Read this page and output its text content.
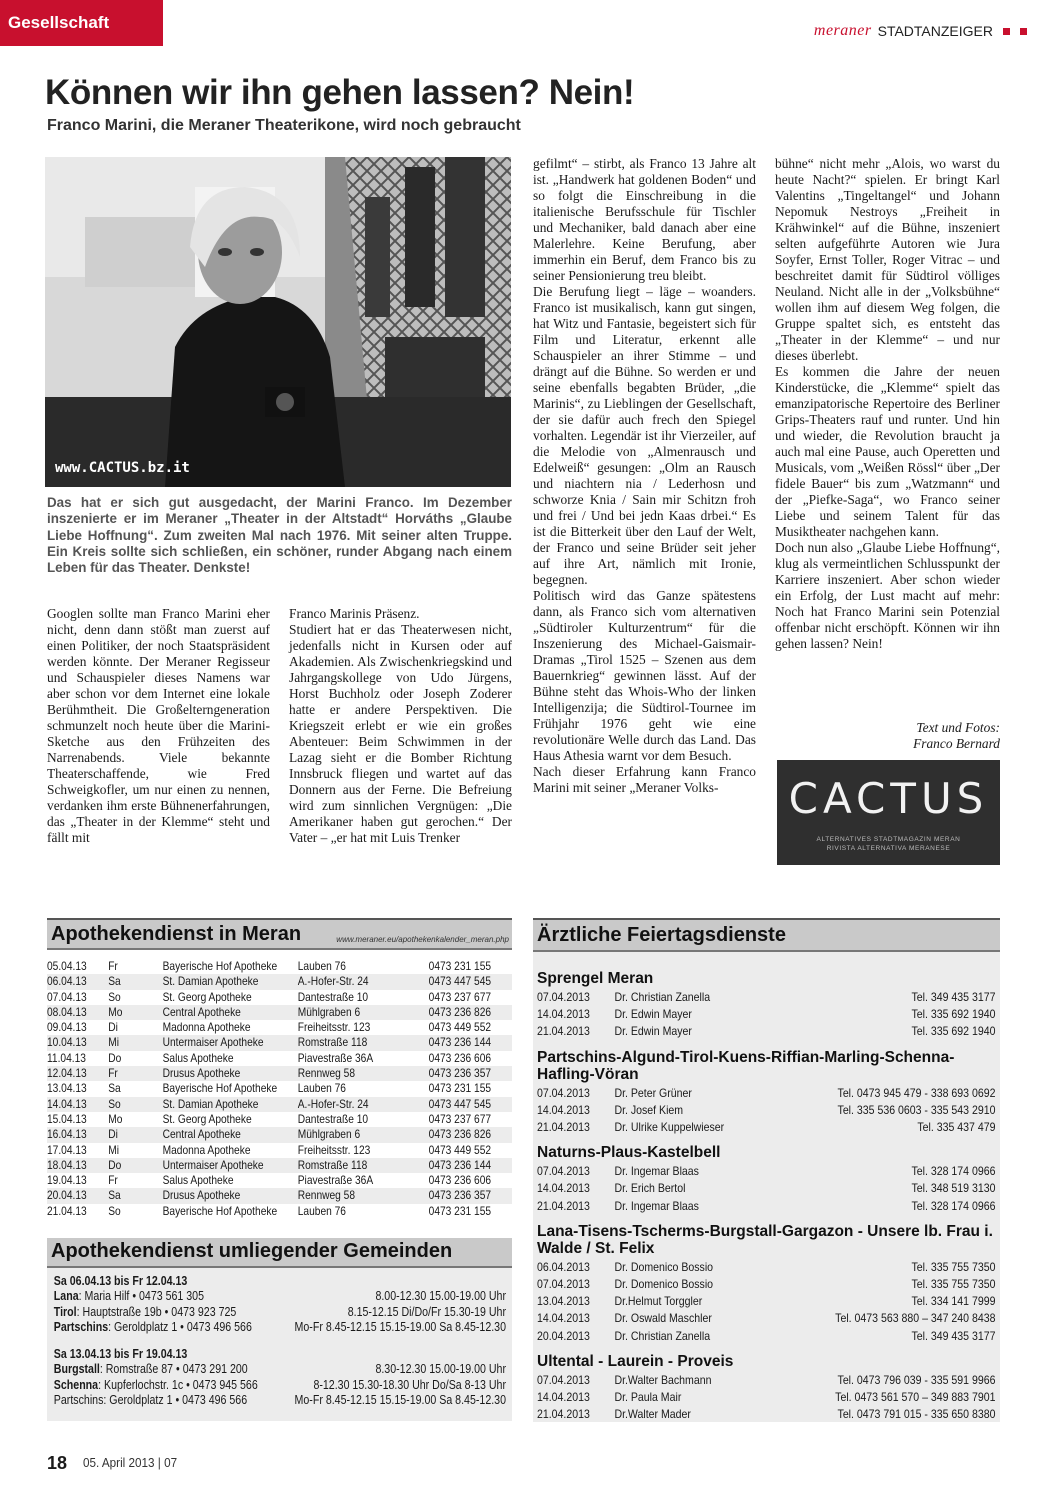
Gesellschaft	meraner STADTANZEIGER
Können wir ihn gehen lassen? Nein!
Franco Marini, die Meraner Theaterikone, wird noch gebraucht
www.CACTUS.bz.it
Das hat er sich gut ausgedacht, der Marini Franco. Im Dezember inszenierte er im Meraner „Theater in der Altstadt“ Horváths „Glaube Liebe Hoffnung“. Zum zweiten Mal nach 1976. Mit seiner alten Truppe. Ein Kreis sollte sich schließen, ein schöner, runder Abgang nach einem Leben für das Theater. Denkste!

Googlen sollte man Franco Marini eher nicht, denn dann stößt man zuerst auf einen Politiker, der noch Staatspräsident werden könnte. Der Meraner Regisseur und Schauspieler dieses Namens war aber schon vor dem Internet eine lokale Berühmtheit. Die Großelterngeneration schmunzelt noch heute über die Marini-Sketche aus den Frühzeiten des Narrenabends. Viele bekannte Theaterschaffende, wie Fred Schweigkofler, um nur einen zu nennen, verdanken ihm erste Bühnenerfahrungen, das „Theater in der Klemme“ steht und fällt mit

Franco Marinis Präsenz.

Studiert hat er das Theaterwesen nicht, jedenfalls nicht in Kursen oder auf Akademien. Als Zwischenkriegskind und Jahrgangskollege von Udo Jürgens, Horst Buchholz oder Joseph Zoderer hatte er andere Perspektiven. Die Kriegszeit erlebt er wie ein großes Abenteuer: Beim Schwimmen in der Lazag sieht er die Bomber Richtung Innsbruck fliegen und wartet auf das Donnern aus der Ferne. Die Befreiung wird zum sinnlichen Vergnügen: „Die Amerikaner haben gut gerochen.“ Der Vater – „er hat mit Luis Trenker

gefilmt“ – stirbt, als Franco 13 Jahre alt ist. „Handwerk hat goldenen Boden“ und so folgt die Einschreibung in die italienische Berufsschule für Tischler und Mechaniker, bald danach aber eine Malerlehre. Keine Berufung, aber immerhin ein Beruf, dem Franco bis zu seiner Pensionierung treu bleibt.

Die Berufung liegt – läge – woanders. Franco ist musikalisch, kann gut singen, hat Witz und Fantasie, begeistert sich für Film und Literatur, erkennt alle Schauspieler an ihrer Stimme – und drängt auf die Bühne. So werden er und seine ebenfalls begabten Brüder, „die Marinis“, zu Lieblingen der Gesellschaft, der sie dafür auch frech den Spiegel vorhalten. Legendär ist ihr Vierzeiler, auf die Melodie von „Almenrausch und Edelweiß“ gesungen: „Olm an Rausch und niachtern nia / Lederhosn und schworze Knia / Sain mir Schitzn froh und frei / Und bei jedn Kaas drbei.“ Es ist die Bitterkeit über den Lauf der Welt, der Franco und seine Brüder seit jeher auf ihre Art, nämlich mit Ironie, begegnen.

Politisch wird das Ganze spätestens dann, als Franco sich vom alternativen „Südtiroler Kulturzentrum“ für die Inszenierung des Michael-Gaismair-Dramas „Tirol 1525 – Szenen aus dem Bauernkrieg“ gewinnen lässt. Auf der Bühne steht das Whois-Who der linken Intelligenzija; die Südtirol-Tournee im Frühjahr 1976 geht wie eine revolutionäre Welle durch das Land. Das Haus Athesia warnt vor dem Besuch.

Nach dieser Erfahrung kann Franco Marini mit seiner „Meraner Volks-

bühne“ nicht mehr „Alois, wo warst du heute Nacht?“ spielen. Er bringt Karl Valentins „Tingeltangel“ und Johann Nepomuk Nestroys „Freiheit in Krähwinkel“ auf die Bühne, inszeniert selten aufgeführte Autoren wie Jura Soyfer, Ernst Toller, Roger Vitrac – und beschreitet damit für Südtirol völliges Neuland. Nicht alle in der „Volksbühne“ wollen ihm auf diesem Weg folgen, die Gruppe spaltet sich, es entsteht das „Theater in der Klemme“ – und nur dieses überlebt.

Es kommen die Jahre der neuen Kinderstücke, die „Klemme“ spielt das emanzipatorische Repertoire des Berliner Grips-Theaters rauf und runter. Und hin und wieder, die Revolution braucht ja auch mal eine Pause, auch Operetten und Musicals, vom „Weißen Rössl“ über „Der fidele Bauer“ bis zum „Watzmann“ und der „Piefke-Saga“, wo Franco seiner Liebe und seinem Talent für das Musiktheater nachgehen kann.

Doch nun also „Glaube Liebe Hoffnung“, klug als vermeintlichen Schlusspunkt der Karriere inszeniert. Aber schon wieder ein Erfolg, der Lust macht auf mehr: Noch hat Franco Marini sein Potenzial offenbar nicht erschöpft. Können wir ihn gehen lassen? Nein!

Text und Fotos:
Franco Bernard
CACTUS
ALTERNATIVES STADTMAGAZIN MERAN
RIVISTA ALTERNATIVA MERANESE
Apothekendienst in Meran	www.meraner.eu/apothekenkalender_meran.php
05.04.13	Fr	Bayerische Hof Apotheke	Lauben 76	0473 231 155
06.04.13	Sa	St. Damian Apotheke	A.-Hofer-Str. 24	0473 447 545
07.04.13	So	St. Georg Apotheke	Dantestraße 10	0473 237 677
08.04.13	Mo	Central Apotheke	Mühlgraben 6	0473 236 826
09.04.13	Di	Madonna Apotheke	Freiheitsstr. 123	0473 449 552
10.04.13	Mi	Untermaiser Apotheke	Romstraße 118	0473 236 144
11.04.13	Do	Salus Apotheke	Piavestraße 36A	0473 236 606
12.04.13	Fr	Drusus Apotheke	Rennweg 58	0473 236 357
13.04.13	Sa	Bayerische Hof Apotheke	Lauben 76	0473 231 155
14.04.13	So	St. Damian Apotheke	A.-Hofer-Str. 24	0473 447 545
15.04.13	Mo	St. Georg Apotheke	Dantestraße 10	0473 237 677
16.04.13	Di	Central Apotheke	Mühlgraben 6	0473 236 826
17.04.13	Mi	Madonna Apotheke	Freiheitsstr. 123	0473 449 552
18.04.13	Do	Untermaiser Apotheke	Romstraße 118	0473 236 144
19.04.13	Fr	Salus Apotheke	Piavestraße 36A	0473 236 606
20.04.13	Sa	Drusus Apotheke	Rennweg 58	0473 236 357
21.04.13	So	Bayerische Hof Apotheke	Lauben 76	0473 231 155
Apothekendienst umliegender Gemeinden
Sa 06.04.13 bis Fr 12.04.13
Lana: Maria Hilf • 0473 561 305	8.00-12.30 15.00-19.00 Uhr
Tirol: Hauptstraße 19b • 0473 923 725	8.15-12.15 Di/Do/Fr 15.30-19 Uhr
Partschins: Geroldplatz 1 • 0473 496 566	Mo-Fr 8.45-12.15 15.15-19.00 Sa 8.45-12.30
Sa 13.04.13 bis Fr 19.04.13
Burgstall: Romstraße 87 • 0473 291 200	8.30-12.30 15.00-19.00 Uhr
Schenna: Kupferlochstr. 1c • 0473 945 566	8-12.30 15.30-18.30 Uhr Do/Sa 8-13 Uhr
Partschins: Geroldplatz 1 • 0473 496 566	Mo-Fr 8.45-12.15 15.15-19.00 Sa 8.45-12.30
Ärztliche Feiertagsdienste
Sprengel Meran
07.04.2013	Dr. Christian Zanella	Tel. 349 435 3177
14.04.2013	Dr. Edwin Mayer	Tel. 335 692 1940
21.04.2013	Dr. Edwin Mayer	Tel. 335 692 1940
Partschins-Algund-Tirol-Kuens-Riffian-Marling-Schenna-Hafling-Vöran
07.04.2013	Dr. Peter Grüner	Tel. 0473 945 479 - 338 693 0692
14.04.2013	Dr. Josef Kiem	Tel. 335 536 0603 - 335 543 2910
21.04.2013	Dr. Ulrike Kuppelwieser	Tel. 335 437 479
Naturns-Plaus-Kastelbell
07.04.2013	Dr. Ingemar Blaas	Tel. 328 174 0966
14.04.2013	Dr. Erich Bertol	Tel. 348 519 3130
21.04.2013	Dr. Ingemar Blaas	Tel. 328 174 0966
Lana-Tisens-Tscherms-Burgstall-Gargazon - Unsere lb. Frau i. Walde / St. Felix
06.04.2013	Dr. Domenico Bossio	Tel. 335 755 7350
07.04.2013	Dr. Domenico Bossio	Tel. 335 755 7350
13.04.2013	Dr.Helmut Torggler	Tel. 334 141 7999
14.04.2013	Dr. Oswald Maschler	Tel. 0473 563 880 – 347 240 8438
20.04.2013	Dr. Christian Zanella	Tel. 349 435 3177
Ultental - Laurein - Proveis
07.04.2013	Dr.Walter Bachmann	Tel. 0473 796 039 - 335 591 9966
14.04.2013	Dr. Paula Mair	Tel. 0473 561 570 – 349 883 7901
21.04.2013	Dr.Walter Mader	Tel. 0473 791 015 - 335 650 8380
18 05. April 2013 | 07
